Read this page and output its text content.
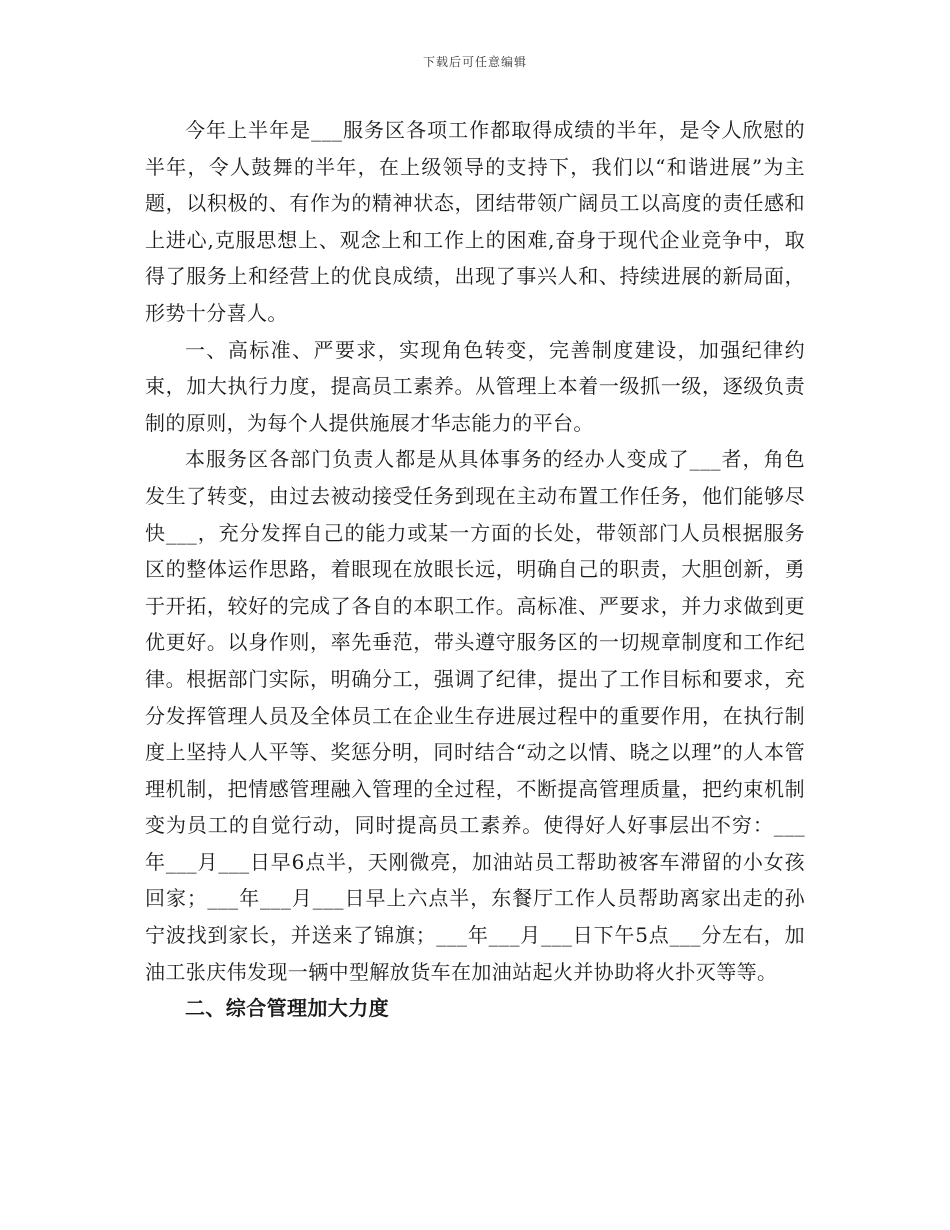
下载后可任意编辑

今年上半年是___服务区各项工作都取得成绩的半年，是令人欣慰的半年，令人鼓舞的半年，在上级领导的支持下，我们以“和谐进展”为主题，以积极的、有作为的精神状态，团结带领广阔员工以高度的责任感和上进心,克服思想上、观念上和工作上的困难,奋身于现代企业竞争中，取得了服务上和经营上的优良成绩，出现了事兴人和、持续进展的新局面，形势十分喜人。

一、高标准、严要求，实现角色转变，完善制度建设，加强纪律约束，加大执行力度，提高员工素养。从管理上本着一级抓一级，逐级负责制的原则，为每个人提供施展才华志能力的平台。

本服务区各部门负责人都是从具体事务的经办人变成了___者，角色发生了转变，由过去被动接受任务到现在主动布置工作任务，他们能够尽快___，充分发挥自己的能力或某一方面的长处，带领部门人员根据服务区的整体运作思路，着眼现在放眼长远，明确自己的职责，大胆创新，勇于开拓，较好的完成了各自的本职工作。高标准、严要求，并力求做到更优更好。以身作则，率先垂范，带头遵守服务区的一切规章制度和工作纪律。根据部门实际，明确分工，强调了纪律，提出了工作目标和要求，充分发挥管理人员及全体员工在企业生存进展过程中的重要作用，在执行制度上坚持人人平等、奖惩分明，同时结合“动之以情、晓之以理”的人本管理机制，把情感管理融入管理的全过程，不断提高管理质量，把约束机制变为员工的自觉行动，同时提高员工素养。使得好人好事层出不穷：___年___月___日早6点半，天刚微亮，加油站员工帮助被客车滞留的小女孩回家；___年___月___日早上六点半，东餐厅工作人员帮助离家出走的孙宁波找到家长，并送来了锦旗；___年___月___日下午5点___分左右，加油工张庆伟发现一辆中型解放货车在加油站起火并协助将火扑灭等等。

二、综合管理加大力度
